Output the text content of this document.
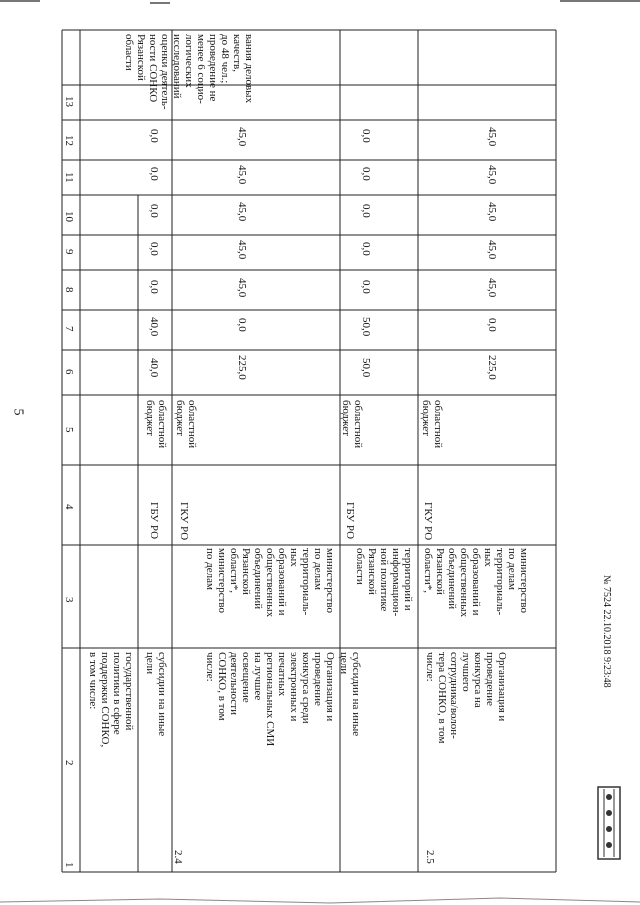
5
1
2
3
4
5
6
7
8
9
10
11
12
13
государственной
политики в сфере
поддержки СОНКО,
в том числе:
вания деловых
качеств,
до 48 чел.;
проведение не
менее 6 социо-
логических
исследований
оценки деятель-
ности СОНКО
Рязанской
области
субсидии на иные
цели
ГБУ РО
областной
бюджет
40,0
40,0
0,0
0,0
0,0
0,0
0,0
2.4
Организация и
проведение
конкурса среди
электронных и
печатных
региональных СМИ
на лучшее
освещение
деятельности
СОНКО, в том
числе:
министерство
по делам
территориаль-
ных
образований и
общественных
объединений
Рязанской
области*,
министерство
по делам
ГКУ РО
областной
бюджет
225,0
0,0
45,0
45,0
45,0
45,0
45,0
субсидии на иные
цели
территорий и
информацион-
ной политике
Рязанской
области
ГБУ РО
областной
бюджет
50,0
50,0
0,0
0,0
0,0
0,0
0,0
2.5
Организация и
проведение
конкурса на
лучшего
сотрудника/волон-
тера СОНКО, в том
числе:
министерство
по делам
территориаль-
ных
образований и
общественных
объединений
Рязанской
области*,
ГКУ РО
областной
бюджет
225,0
0,0
45,0
45,0
45,0
45,0
45,0
№ 7524 22.10.2018 9:23:48
